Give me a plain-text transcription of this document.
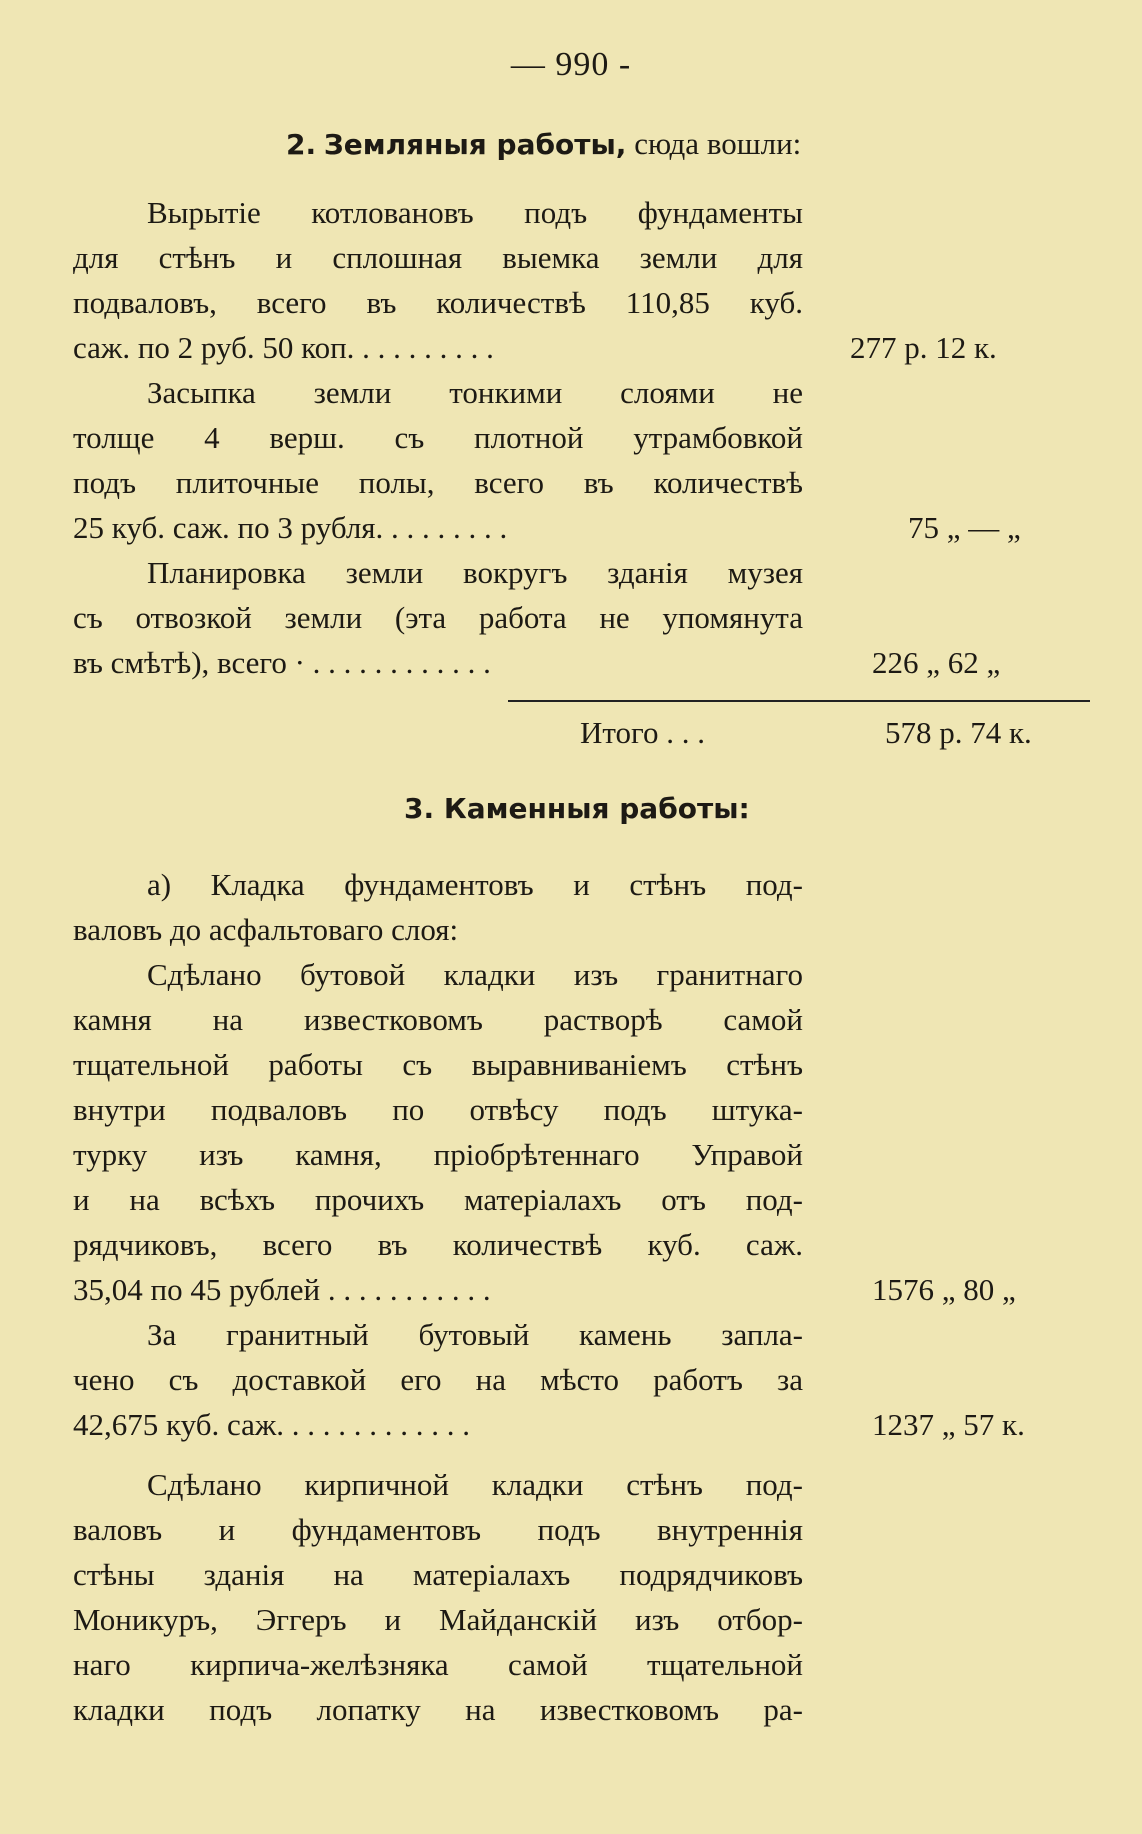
— 990 -
2. Земляныя работы, сюда вошли:
Вырытіе котловановъ подъ фундаменты
для стѣнъ и сплошная выемка земли для
подваловъ, всего въ количествѣ 110,85 куб.
саж. по 2 руб. 50 коп. . . . . . . . . .	277 р. 12 к.
Засыпка земли тонкими слоями не
толще 4 верш. съ плотной утрамбовкой
подъ плиточные полы, всего въ количествѣ
25 куб. саж. по 3 рубля. . . . . . . . .	75 „ — „
Планировка земли вокругъ зданія музея
съ отвозкой земли (эта работа не упомянута
въ смѣтѣ), всего · . . . . . . . . . . . .	226 „ 62 „
Итого . . .	578 р. 74 к.
3. Каменныя работы:
а) Кладка фундаментовъ и стѣнъ под-
валовъ до асфальтоваго слоя:
Сдѣлано бутовой кладки изъ гранитнаго
камня на известковомъ растворѣ самой
тщательной работы съ выравниваніемъ стѣнъ
внутри подваловъ по отвѣсу подъ штука-
турку изъ камня, пріобрѣтеннаго Управой
и на всѣхъ прочихъ матеріалахъ отъ под-
рядчиковъ, всего въ количествѣ куб. саж.
35,04 по 45 рублей . . . . . . . . . . .	1576 „ 80 „
За гранитный бутовый камень запла-
чено съ доставкой его на мѣсто работъ за
42,675 куб. саж. . . . . . . . . . . . .	1237 „ 57 к.
Сдѣлано кирпичной кладки стѣнъ под-
валовъ и фундаментовъ подъ внутреннія
стѣны зданія на матеріалахъ подрядчиковъ
Моникуръ, Эггеръ и Майданскій изъ отбор-
наго кирпича-желѣзняка самой тщательной
кладки подъ лопатку на известковомъ ра-
